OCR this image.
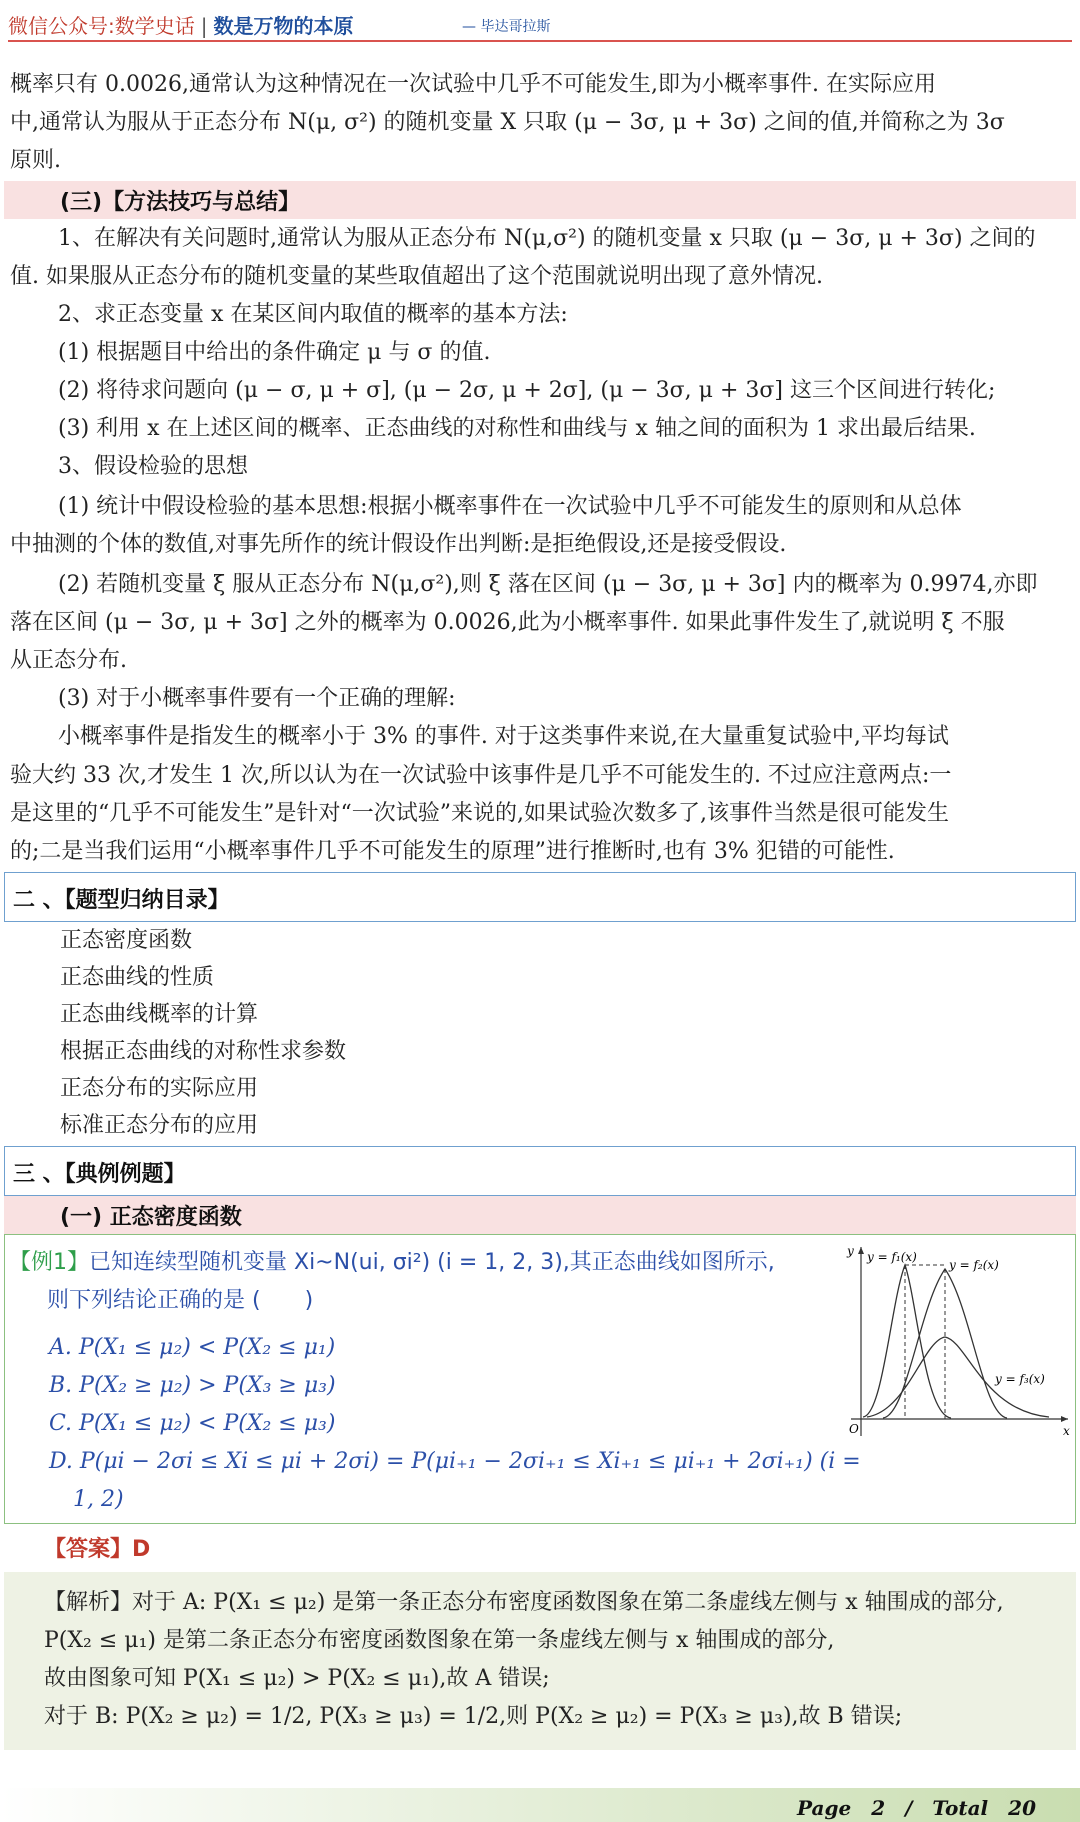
微信公众号:数学史话 | 数是万物的本原	— 毕达哥拉斯
概率只有 0.0026,通常认为这种情况在一次试验中几乎不可能发生,即为小概率事件. 在实际应用
中,通常认为服从于正态分布 N(μ, σ²) 的随机变量 X 只取 (μ − 3σ, μ + 3σ) 之间的值,并简称之为 3σ
原则.
(三)【方法技巧与总结】
1、在解决有关问题时,通常认为服从正态分布 N(μ,σ²) 的随机变量 x 只取 (μ − 3σ, μ + 3σ) 之间的
值. 如果服从正态分布的随机变量的某些取值超出了这个范围就说明出现了意外情况.
2、求正态变量 x 在某区间内取值的概率的基本方法:
(1) 根据题目中给出的条件确定 μ 与 σ 的值.
(2) 将待求问题向 (μ − σ, μ + σ], (μ − 2σ, μ + 2σ], (μ − 3σ, μ + 3σ] 这三个区间进行转化;
(3) 利用 x 在上述区间的概率、正态曲线的对称性和曲线与 x 轴之间的面积为 1 求出最后结果.
3、假设检验的思想
(1) 统计中假设检验的基本思想:根据小概率事件在一次试验中几乎不可能发生的原则和从总体
中抽测的个体的数值,对事先所作的统计假设作出判断:是拒绝假设,还是接受假设.
(2) 若随机变量 ξ 服从正态分布 N(μ,σ²),则 ξ 落在区间 (μ − 3σ, μ + 3σ] 内的概率为 0.9974,亦即
落在区间 (μ − 3σ, μ + 3σ] 之外的概率为 0.0026,此为小概率事件. 如果此事件发生了,就说明 ξ 不服
从正态分布.
(3) 对于小概率事件要有一个正确的理解:
小概率事件是指发生的概率小于 3% 的事件. 对于这类事件来说,在大量重复试验中,平均每试
验大约 33 次,才发生 1 次,所以认为在一次试验中该事件是几乎不可能发生的. 不过应注意两点:一
是这里的“几乎不可能发生”是针对“一次试验”来说的,如果试验次数多了,该事件当然是很可能发生
的;二是当我们运用“小概率事件几乎不可能发生的原理”进行推断时,也有 3% 犯错的可能性.
二 、【题型归纳目录】
正态密度函数
正态曲线的性质
正态曲线概率的计算
根据正态曲线的对称性求参数
正态分布的实际应用
标准正态分布的应用
三 、【典例例题】
(一) 正态密度函数
【例1】已知连续型随机变量 Xi~N(ui, σi²) (i = 1, 2, 3),其正态曲线如图所示,
则下列结论正确的是 (　　)
A. P(X₁ ≤ μ₂) < P(X₂ ≤ μ₁)
B. P(X₂ ≥ μ₂) > P(X₃ ≥ μ₃)
C. P(X₁ ≤ μ₂) < P(X₂ ≤ μ₃)
D. P(μi − 2σi ≤ Xi ≤ μi + 2σi) = P(μi₊₁ − 2σi₊₁ ≤ Xi₊₁ ≤ μi₊₁ + 2σi₊₁) (i =
1, 2)
y
x
O
y = f₁(x)
y = f₂(x)
y = f₃(x)
【答案】D
【解析】对于 A: P(X₁ ≤ μ₂) 是第一条正态分布密度函数图象在第二条虚线左侧与 x 轴围成的部分,
P(X₂ ≤ μ₁) 是第二条正态分布密度函数图象在第一条虚线左侧与 x 轴围成的部分,
故由图象可知 P(X₁ ≤ μ₂) > P(X₂ ≤ μ₁),故 A 错误;
对于 B: P(X₂ ≥ μ₂) = 1/2, P(X₃ ≥ μ₃) = 1/2,则 P(X₂ ≥ μ₂) = P(X₃ ≥ μ₃),故 B 错误;
Page　2　/　Total　20
